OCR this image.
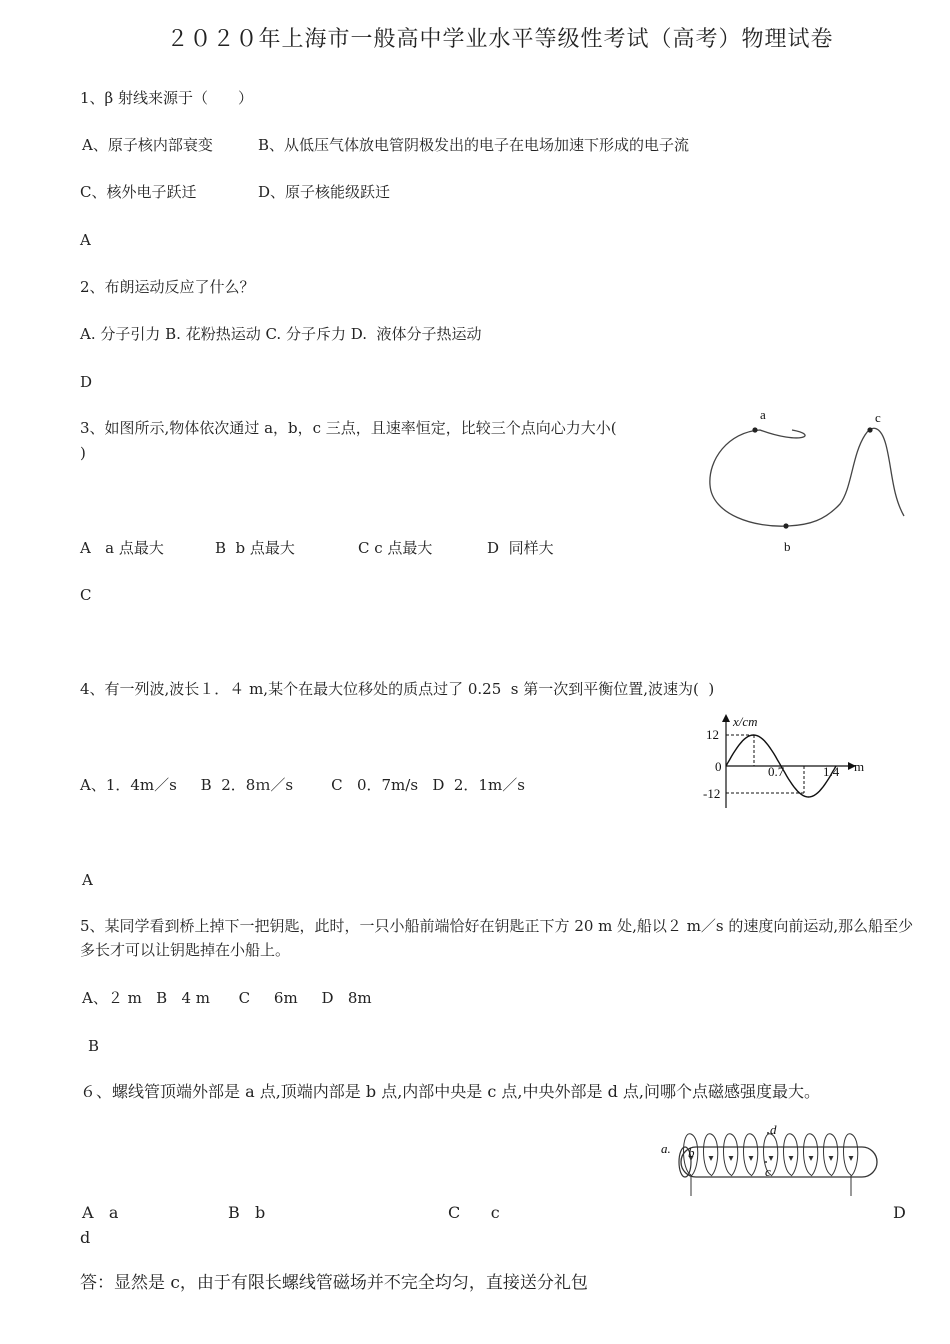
２０２０年上海市一般高中学业水平等级性考试（高考）物理试卷
1、β 射线来源于（　　）
A、原子核内部衰变	B、从低压气体放电管阴极发出的电子在电场加速下形成的电子流
C、核外电子跃迁	D、原子核能级跃迁
A
2、布朗运动反应了什么？
A. 分子引力 B. 花粉热运动 C. 分子斥力 D.  液体分子热运动
D
3、如图所示,物体依次通过 a，b，c 三点，且速率恒定，比较三个点向心力大小(
)
A   a 点最大	B  b 点最大	C c 点最大	D  同样大
C
a
b
c
4、有一列波,波长１．４ m,某个在最大位移处的质点过了 0.25  s 第一次到平衡位置,波速为(  )
A、1．4m／s     B  2．8ｍ／s        C   0．7m/s   D  2．1m／s
A
x/cm
m
12
0
-12
0.7	1.4
5、某同学看到桥上掉下一把钥匙，此时，一只小船前端恰好在钥匙正下方 20 m 处,船以２ m／s 的速度向前运动,那么船至少多长才可以让钥匙掉在小船上。
A、２ m   B   4 m      C     6m     D   8m
B
６、螺线管顶端外部是 a 点,顶端内部是 b 点,内部中央是 c 点,中央外部是 d 点,问哪个点磁感强度最大。
A   a	B   b	C      c	D
d
答：显然是 c，由于有限长螺线管磁场并不完全均匀，直接送分礼包
a. b
c
d
